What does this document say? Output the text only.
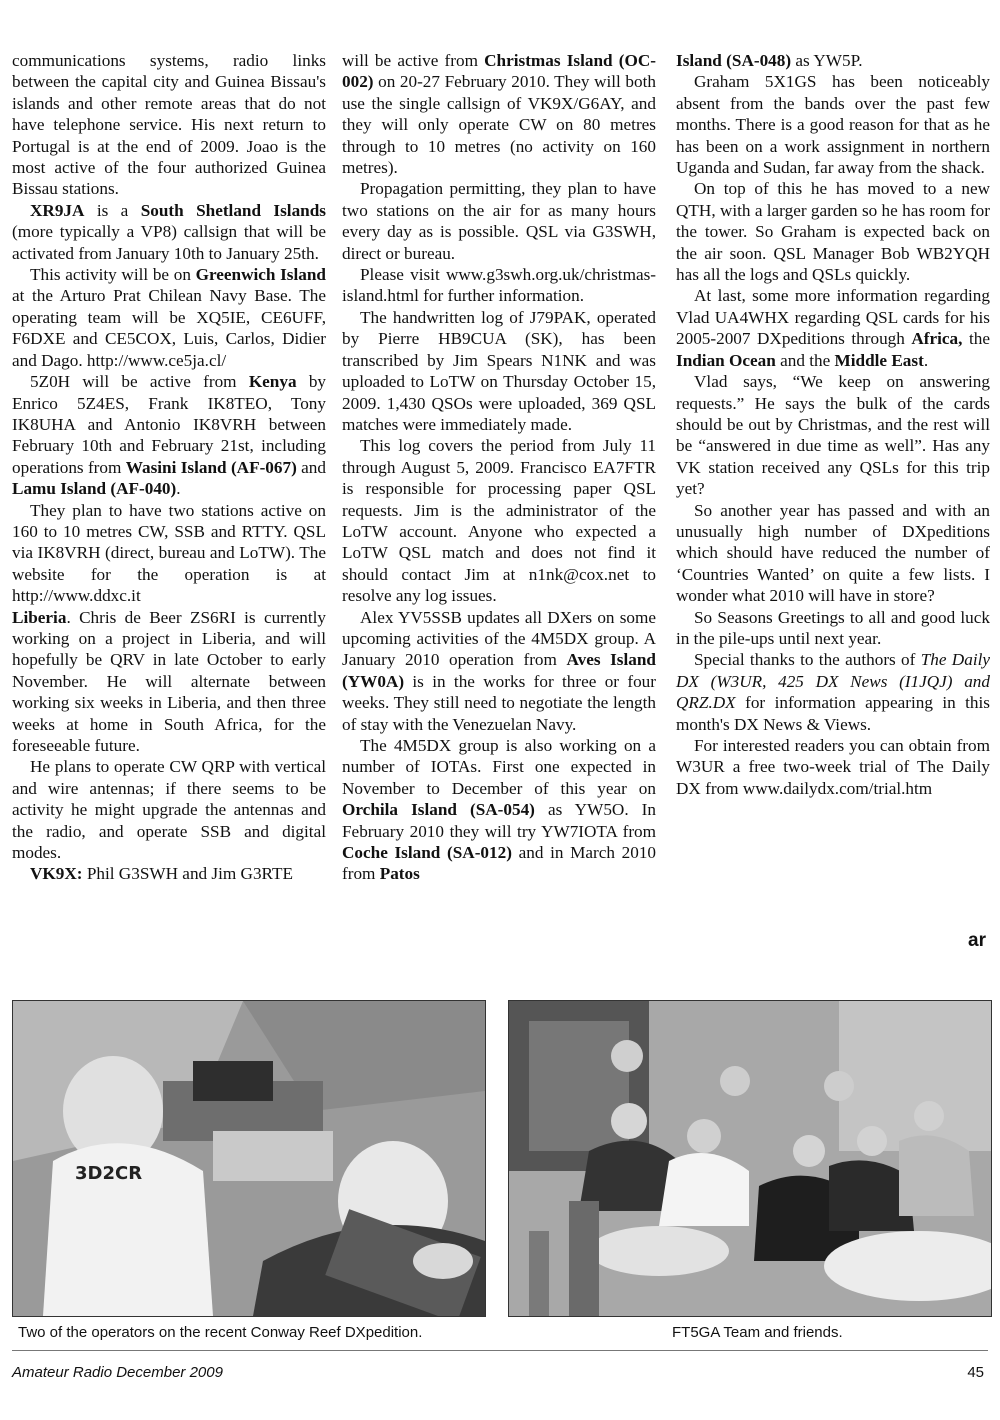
communications systems, radio links between the capital city and Guinea Bissau's islands and other remote areas that do not have telephone service. His next return to Portugal is at the end of 2009. Joao is the most active of the four authorized Guinea Bissau stations.

XR9JA is a South Shetland Islands (more typically a VP8) callsign that will be activated from January 10th to January 25th.

This activity will be on Greenwich Island at the Arturo Prat Chilean Navy Base. The operating team will be XQ5IE, CE6UFF, F6DXE and CE5COX, Luis, Carlos, Didier and Dago. http://www.ce5ja.cl/

5Z0H will be active from Kenya by Enrico 5Z4ES, Frank IK8TEO, Tony IK8UHA and Antonio IK8VRH between February 10th and February 21st, including operations from Wasini Island (AF-067) and Lamu Island (AF-040).

They plan to have two stations active on 160 to 10 metres CW, SSB and RTTY. QSL via IK8VRH (direct, bureau and LoTW). The website for the operation is at http://www.ddxc.it

Liberia. Chris de Beer ZS6RI is currently working on a project in Liberia, and will hopefully be QRV in late October to early November. He will alternate between working six weeks in Liberia, and then three weeks at home in South Africa, for the foreseeable future.

He plans to operate CW QRP with vertical and wire antennas; if there seems to be activity he might upgrade the antennas and the radio, and operate SSB and digital modes.

VK9X: Phil G3SWH and Jim G3RTE

will be active from Christmas Island (OC-002) on 20-27 February 2010. They will both use the single callsign of VK9X/G6AY, and they will only operate CW on 80 metres through to 10 metres (no activity on 160 metres).

Propagation permitting, they plan to have two stations on the air for as many hours every day as is possible. QSL via G3SWH, direct or bureau.

Please visit www.g3swh.org.uk/christmas-island.html for further information.

The handwritten log of J79PAK, operated by Pierre HB9CUA (SK), has been transcribed by Jim Spears N1NK and was uploaded to LoTW on Thursday October 15, 2009. 1,430 QSOs were uploaded, 369 QSL matches were immediately made.

This log covers the period from July 11 through August 5, 2009. Francisco EA7FTR is responsible for processing paper QSL requests. Jim is the administrator of the LoTW account. Anyone who expected a LoTW QSL match and does not find it should contact Jim at n1nk@cox.net to resolve any log issues.

Alex YV5SSB updates all DXers on some upcoming activities of the 4M5DX group. A January 2010 operation from Aves Island (YW0A) is in the works for three or four weeks. They still need to negotiate the length of stay with the Venezuelan Navy.

The 4M5DX group is also working on a number of IOTAs. First one expected in November to December of this year on Orchila Island (SA-054) as YW5O. In February 2010 they will try YW7IOTA from Coche Island (SA-012) and in March 2010 from Patos

Island (SA-048) as YW5P.

Graham 5X1GS has been noticeably absent from the bands over the past few months. There is a good reason for that as he has been on a work assignment in northern Uganda and Sudan, far away from the shack.

On top of this he has moved to a new QTH, with a larger garden so he has room for the tower. So Graham is expected back on the air soon. QSL Manager Bob WB2YQH has all the logs and QSLs quickly.

At last, some more information regarding Vlad UA4WHX regarding QSL cards for his 2005-2007 DXpeditions through Africa, the Indian Ocean and the Middle East.

Vlad says, “We keep on answering requests.” He says the bulk of the cards should be out by Christmas, and the rest will be “answered in due time as well”. Has any VK station received any QSLs for this trip yet?

So another year has passed and with an unusually high number of DXpeditions which should have reduced the number of ‘Countries Wanted’ on quite a few lists. I wonder what 2010 will have in store?

So Seasons Greetings to all and good luck in the pile-ups until next year.

Special thanks to the authors of The Daily DX (W3UR, 425 DX News (I1JQJ) and QRZ.DX for information appearing in this month's DX News & Views.

For interested readers you can obtain from W3UR a free two-week trial of The Daily DX from www.dailydx.com/trial.htm

ar
3D2CR
Two of the operators on the recent Conway Reef DXpedition.	FT5GA Team and friends.
Amateur Radio December 2009	45
